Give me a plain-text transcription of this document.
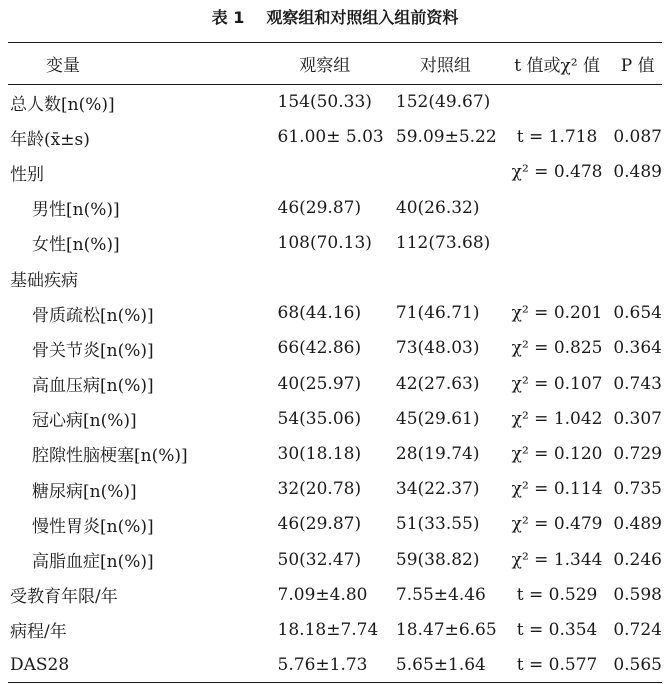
表 1 观察组和对照组入组前资料
变量	观察组	对照组	t 值或χ² 值	P 值
总人数[n(%)]	154(50.33)	152(49.67)		
年龄(x̄±s)	61.00± 5.03	59.09±5.22	t = 1.718	0.087
性别			χ² = 0.478	0.489
男性[n(%)]	46(29.87)	40(26.32)		
女性[n(%)]	108(70.13)	112(73.68)		
基础疾病				
骨质疏松[n(%)]	68(44.16)	71(46.71)	χ² = 0.201	0.654
骨关节炎[n(%)]	66(42.86)	73(48.03)	χ² = 0.825	0.364
高血压病[n(%)]	40(25.97)	42(27.63)	χ² = 0.107	0.743
冠心病[n(%)]	54(35.06)	45(29.61)	χ² = 1.042	0.307
腔隙性脑梗塞[n(%)]	30(18.18)	28(19.74)	χ² = 0.120	0.729
糖尿病[n(%)]	32(20.78)	34(22.37)	χ² = 0.114	0.735
慢性胃炎[n(%)]	46(29.87)	51(33.55)	χ² = 0.479	0.489
高脂血症[n(%)]	50(32.47)	59(38.82)	χ² = 1.344	0.246
受教育年限/年	7.09±4.80	7.55±4.46	t = 0.529	0.598
病程/年	18.18±7.74	18.47±6.65	t = 0.354	0.724
DAS28	5.76±1.73	5.65±1.64	t = 0.577	0.565
